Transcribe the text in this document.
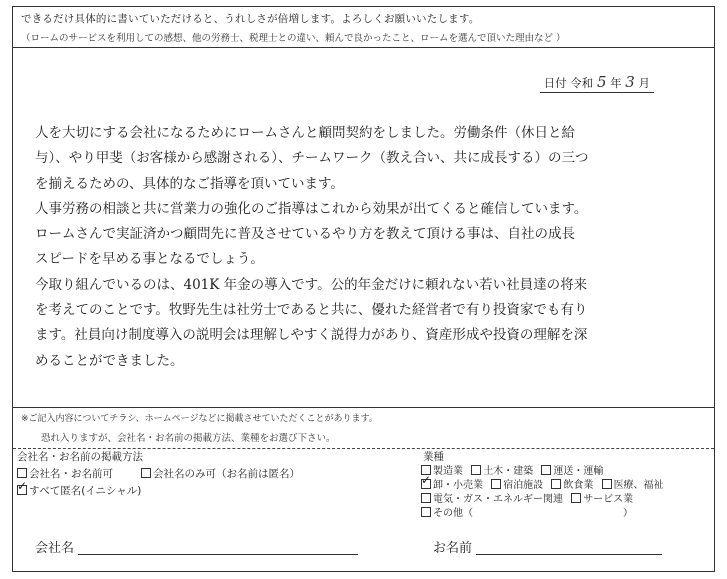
できるだけ具体的に書いていただけると、うれしさが倍増します。よろしくお願いいたします。
（ロームのサービスを利用しての感想、他の労務士、税理士との違い、頼んで良かったこと、ロームを選んで頂いた理由など ）
日付 令和 5 年 3 月
人を大切にする会社になるためにロームさんと顧問契約をしました。労働条件（休日と給
与）、やり甲斐（お客様から感謝される）、チームワーク（教え合い、共に成長する）の三つ
を揃えるための、具体的なご指導を頂いています。
人事労務の相談と共に営業力の強化のご指導はこれから効果が出てくると確信しています。
ロームさんで実証済かつ顧問先に普及させているやり方を教えて頂ける事は、自社の成長
スピードを早める事となるでしょう。
今取り組んでいるのは、401K 年金の導入です。公的年金だけに頼れない若い社員達の将来
を考えてのことです。牧野先生は社労士であると共に、優れた経営者で有り投資家でも有り
ます。社員向け制度導入の説明会は理解しやすく説得力があり、資産形成や投資の理解を深
めることができました。
※ご記入内容についてチラシ、ホームページなどに掲載させていただくことがあります。
恐れ入りますが、会社名・お名前の掲載方法、業種をお選び下さい。
会社名・お名前の掲載方法
会社名・お名前可	会社名のみ可（お名前は匿名）
✓すべて匿名(イニシャル)
業種
製造業 土木・建築 運送・運輸
✓卸・小売業 宿泊施設 飲食業 医療、福祉
電気・ガス・エネルギー関連 サービス業
その他（	）
会社名	お名前
